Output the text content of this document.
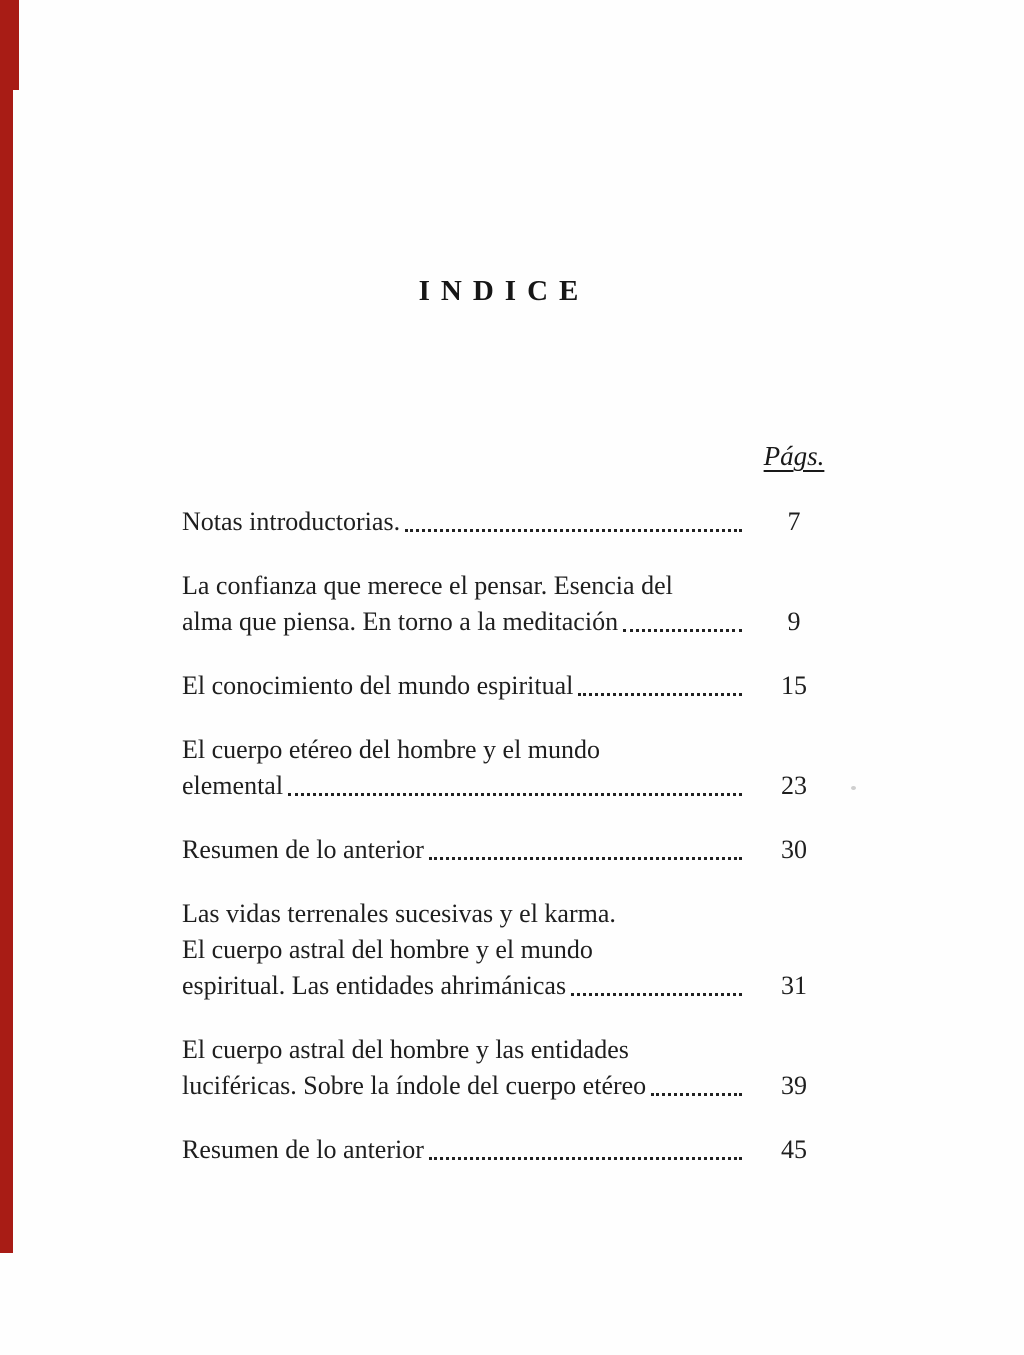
INDICE
Págs.
Notas introductorias.	7
La confianza que merece el pensar. Esencia del
alma que piensa. En torno a la meditación	9
El conocimiento del mundo espiritual	15
El cuerpo etéreo del hombre y el mundo
elemental	23
Resumen de lo anterior	30
Las vidas terrenales sucesivas y el karma.
El cuerpo astral del hombre y el mundo
espiritual. Las entidades ahrimánicas	31
El cuerpo astral del hombre y las entidades
luciféricas. Sobre la índole del cuerpo etéreo	39
Resumen de lo anterior	45
